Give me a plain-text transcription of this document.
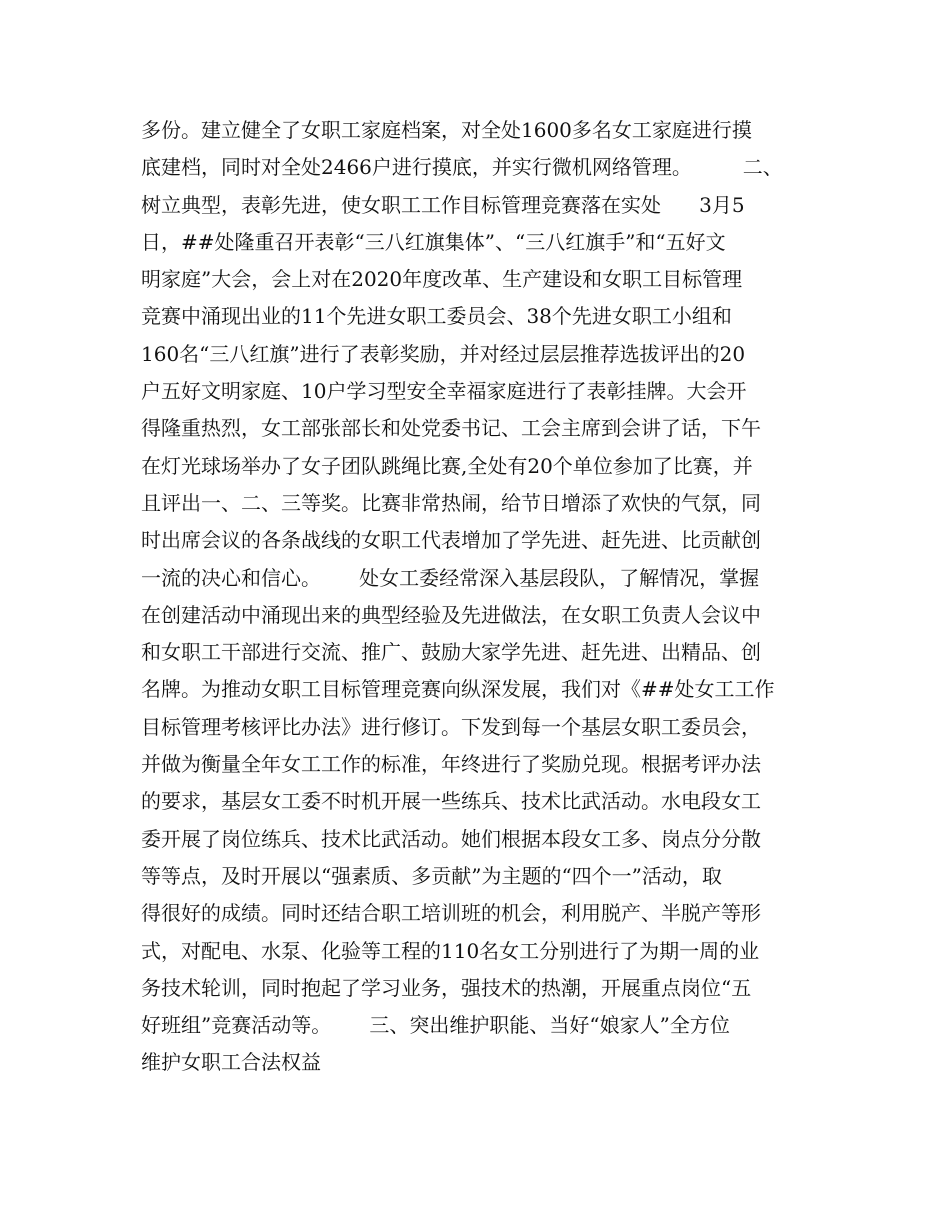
多份。建立健全了女职工家庭档案，对全处1600多名女工家庭进行摸
底建档，同时对全处2466户进行摸底，并实行微机网络管理。        二、
树立典型，表彰先进，使女职工工作目标管理竞赛落在实处      3月5
日，##处隆重召开表彰“三八红旗集体”、“三八红旗手”和“五好文
明家庭”大会，会上对在2020年度改革、生产建设和女职工目标管理
竞赛中涌现出业的11个先进女职工委员会、38个先进女职工小组和
160名“三八红旗”进行了表彰奖励，并对经过层层推荐选拔评出的20
户五好文明家庭、10户学习型安全幸福家庭进行了表彰挂牌。大会开
得隆重热烈，女工部张部长和处党委书记、工会主席到会讲了话，下午
在灯光球场举办了女子团队跳绳比赛,全处有20个单位参加了比赛，并
且评出一、二、三等奖。比赛非常热闹，给节日增添了欢快的气氛，同
时出席会议的各条战线的女职工代表增加了学先进、赶先进、比贡献创
一流的决心和信心。      处女工委经常深入基层段队，了解情况，掌握
在创建活动中涌现出来的典型经验及先进做法，在女职工负责人会议中
和女职工干部进行交流、推广、鼓励大家学先进、赶先进、出精品、创
名牌。为推动女职工目标管理竞赛向纵深发展，我们对《##处女工工作
目标管理考核评比办法》进行修订。下发到每一个基层女职工委员会，
并做为衡量全年女工工作的标准，年终进行了奖励兑现。根据考评办法
的要求，基层女工委不时机开展一些练兵、技术比武活动。水电段女工
委开展了岗位练兵、技术比武活动。她们根据本段女工多、岗点分分散
等等点，及时开展以“强素质、多贡献”为主题的“四个一”活动，取
得很好的成绩。同时还结合职工培训班的机会，利用脱产、半脱产等形
式，对配电、水泵、化验等工程的110名女工分别进行了为期一周的业
务技术轮训，同时抱起了学习业务，强技术的热潮，开展重点岗位“五
好班组”竞赛活动等。      三、突出维护职能、当好“娘家人”全方位
维护女职工合法权益
